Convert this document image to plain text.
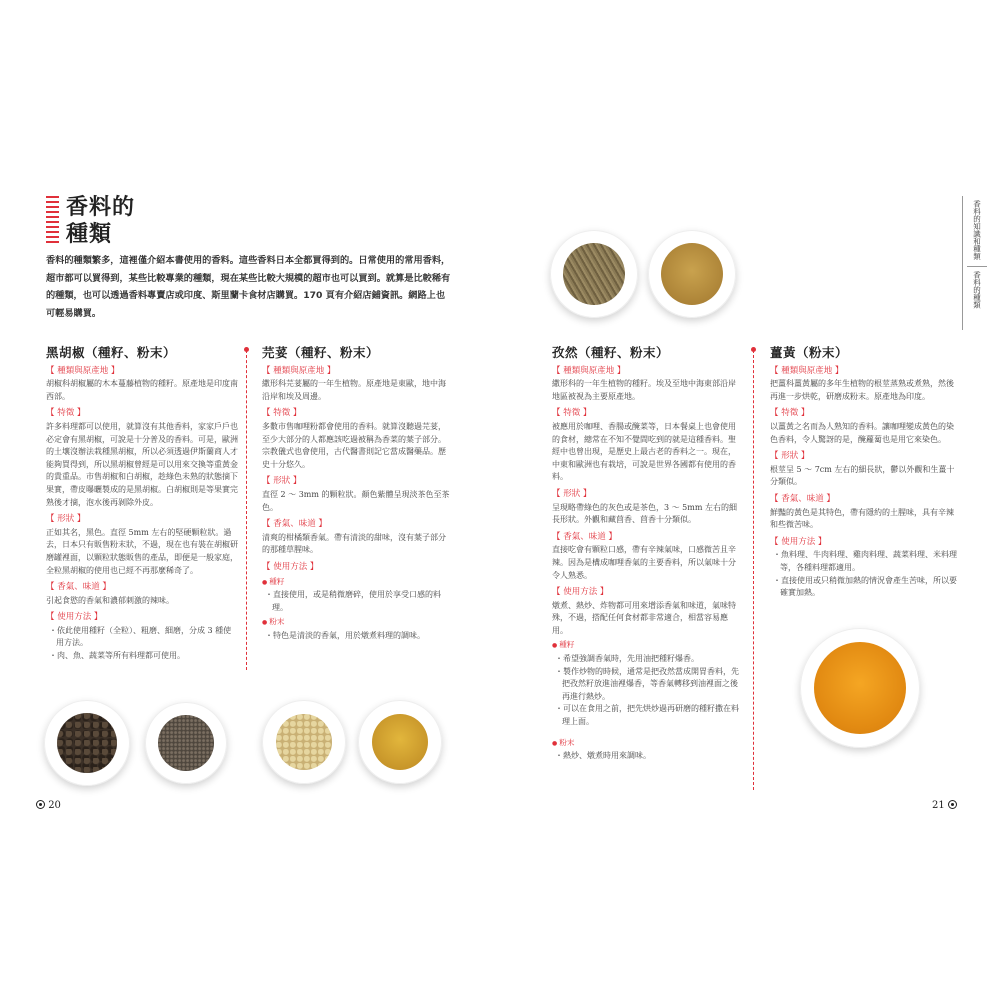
香料的
種類
香料的種類繁多，這裡僅介紹本書使用的香料。這些香料日本全都買得到的。日常使用的常用香料，超市都可以買得到，某些比較專業的種類，現在某些比較大規模的超市也可以買到。就算是比較稀有的種類，也可以透過香料專賣店或印度、斯里蘭卡食材店購買。170 頁有介紹店鋪資訊。網路上也可輕易購買。
黑胡椒（種籽、粉末）
【 種類與原產地 】
胡椒科胡椒屬的木本蔓藤植物的種籽。原產地是印度南西部。
【 特徵 】
許多料理都可以使用，就算沒有其他香料，家家戶戶也必定會有黑胡椒，可說是十分普及的香料。可是，歐洲的土壤沒辦法栽種黑胡椒，所以必須透過伊斯蘭商人才能夠買得到，所以黑胡椒曾經是可以用來交換等重黃金的貴重品。市售胡椒和白胡椒，趁綠色未熟的狀態摘下果實，帶皮曝曬製成的是黑胡椒。白胡椒則是等果實完熟後才摘，泡水後再剝除外皮。
【 形狀 】
正如其名，黑色。直徑 5mm 左右的堅硬顆粒狀。過去，日本只有販售粉末狀，不過，現在也有裝在胡椒研磨罐裡面，以顆粒狀態販售的產品，即便是一般家庭，全粒黑胡椒的使用也已經不再那麼稀奇了。
【 香氣、味道 】
引起食慾的香氣和濃郁刺激的辣味。
【 使用方法 】
・ 依此使用種籽（全粒）、粗磨、細磨，分成 3 種使用方法。
・ 肉、魚、蔬菜等所有料理都可使用。
芫荽（種籽、粉末）
【 種類與原產地 】
繖形科芫荽屬的一年生植物。原產地是東歐，地中海沿岸和埃及周邊。
【 特徵 】
多數市售咖哩粉都會使用的香料。就算沒聽過芫荽，至少大部分的人都應該吃過被稱為香菜的葉子部分。宗教儀式也會使用，古代醫書則記它當成醫藥品。歷史十分悠久。
【 形狀 】
直徑 2 ～ 3mm 的顆粒狀。顏色紫體呈現淡茶色至茶色。
【 香氣、味道 】
清爽的柑橘類香氣。帶有清淡的甜味，沒有葉子部分的那種草腥味。
【 使用方法 】
● 種籽
・ 直接使用，或是稍微磨碎，使用於享受口感的料理。
● 粉末
・ 特色是清淡的香氣，用於燉煮料理的調味。
孜然（種籽、粉末）
【 種類與原產地 】
繖形科的一年生植物的種籽。埃及至地中海東部沿岸地區被視為主要原產地。
【 特徵 】
被應用於咖哩、香腸或醃菜等，日本餐桌上也會使用的食材，總常在不知不覺間吃到的就是這種香料。聖經中也曾出現，是歷史上最古老的香料之一。現在，中東和歐洲也有栽培，可說是世界各國都有使用的香料。
【 形狀 】
呈現略帶綠色的灰色或是茶色，3 ～ 5mm 左右的細長形狀。外觀和藏茴香、茴香十分類似。
【 香氣、味道 】
直接吃會有顆粒口感，帶有辛辣氣味，口感微苦且辛辣。因為是構成咖哩香氣的主要香料，所以氣味十分令人熟悉。
【 使用方法 】
燉煮、熱炒、炸物都可用來增添香氣和味道，氣味特殊，不過，搭配任何食材都非常適合，相當容易應用。
● 種籽
・ 希望強調香氣時，先用油把種籽爆香。
・ 製作炒物的時候，通常是把孜然當成開胃香料，先把孜然籽放進油裡爆香，等香氣轉移到油裡面之後再進行熱炒。
・ 可以在食用之前，把先烘炒過再研磨的種籽撒在料理上面。
● 粉末
・ 熱炒、燉煮時用來調味。
薑黃（粉末）
【 種類與原產地 】
把薑科薑黃屬的多年生植物的根莖蒸熟或煮熟，然後再進一步烘乾，研磨成粉末。原產地為印度。
【 特徵 】
以薑黃之名而為人熟知的香料。讓咖哩變成黃色的染色香料，令人驚訝的是，醃蘿蔔也是用它來染色。
【 形狀 】
根莖呈 5 ～ 7cm 左右的細長狀，鬱以外觀和生薑十分類似。
【 香氣、味道 】
鮮豔的黃色是其特色，帶有隱約的土腥味，具有辛辣和些微苦味。
【 使用方法 】
・ 魚料理、牛肉料理、雞肉料理、蔬菜料理、米料理等，各種料理都適用。
・ 直接使用或只稍微加熱的情況會產生苦味，所以要確實加熱。
香料的知識和種類
香料的種類
20	21
